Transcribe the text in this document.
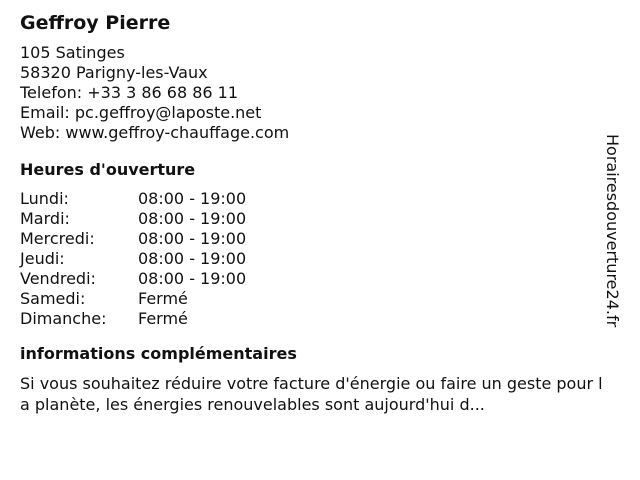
Geffroy Pierre
105 Satinges
58320 Parigny-les-Vaux
Telefon: +33 3 86 68 86 11
Email: pc.geffroy@laposte.net
Web: www.geffroy-chauffage.com
Heures d'ouverture
Lundi:	08:00 - 19:00
Mardi:	08:00 - 19:00
Mercredi:	08:00 - 19:00
Jeudi:	08:00 - 19:00
Vendredi:	08:00 - 19:00
Samedi:	Fermé
Dimanche:	Fermé
informations complémentaires
Si vous souhaitez réduire votre facture d'énergie ou faire un geste pour la planète, les énergies renouvelables sont aujourd'hui d...
Horairesdouverture24.fr
